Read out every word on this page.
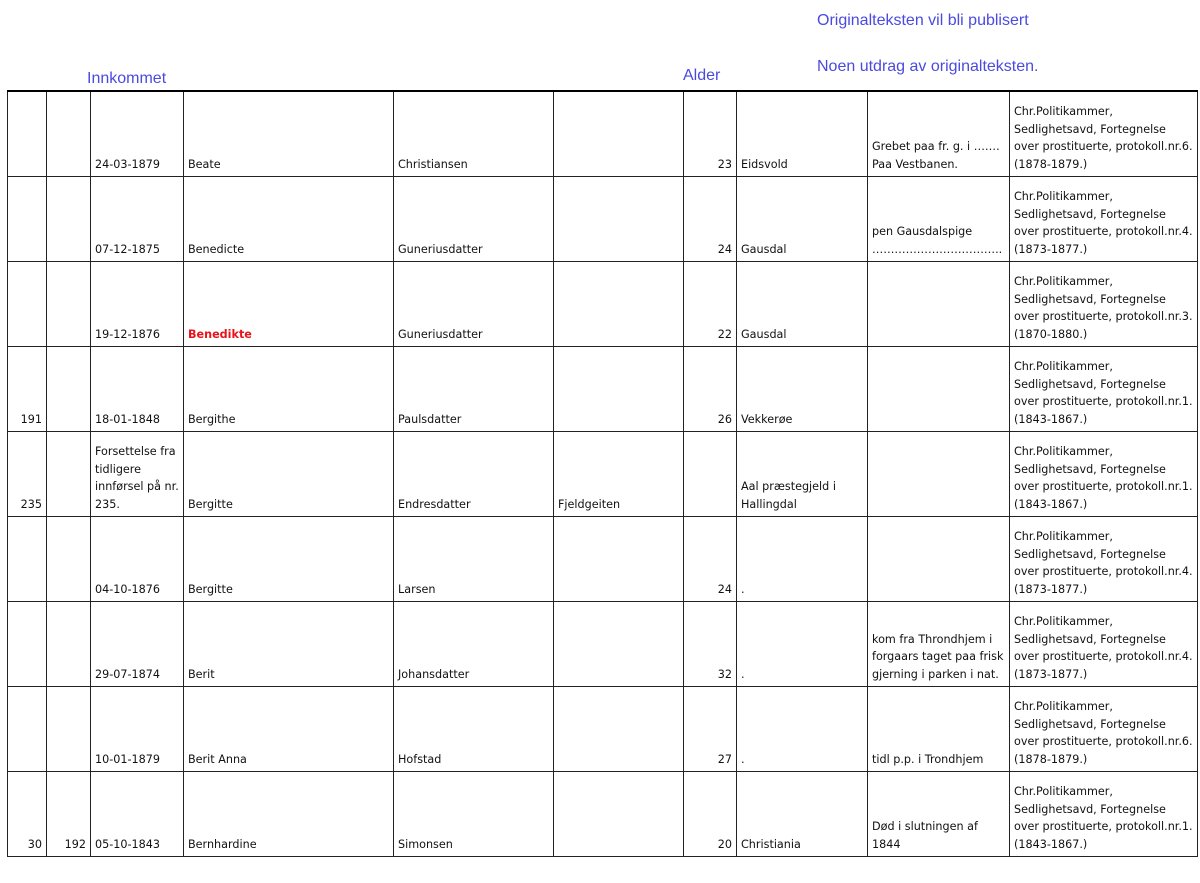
Innkommet	Alder
Originalteksten vil bli publisert
Noen utdrag av originalteksten.
		24-03-1879	Beate	Christiansen		23	Eidsvold	Grebet paa fr. g. i ……. Paa Vestbanen.	Chr.Politikammer, Sedlighetsavd, Fortegnelse over prostituerte, protokoll.nr.6.(1878-1879.)
		07-12-1875	Benedicte	Guneriusdatter		24	Gausdal	pen Gausdalspige ……………………………..	Chr.Politikammer, Sedlighetsavd, Fortegnelse over prostituerte, protokoll.nr.4.(1873-1877.)
		19-12-1876	Benedikte	Guneriusdatter		22	Gausdal		Chr.Politikammer, Sedlighetsavd, Fortegnelse over prostituerte, protokoll.nr.3.(1870-1880.)
191		18-01-1848	Bergithe	Paulsdatter		26	Vekkerøe		Chr.Politikammer, Sedlighetsavd, Fortegnelse over prostituerte, protokoll.nr.1.(1843-1867.)
235		Forsettelse fra tidligere innførsel på nr. 235.	Bergitte	Endresdatter	Fjeldgeiten		Aal præstegjeld i Hallingdal		Chr.Politikammer, Sedlighetsavd, Fortegnelse over prostituerte, protokoll.nr.1.(1843-1867.)
		04-10-1876	Bergitte	Larsen		24	.		Chr.Politikammer, Sedlighetsavd, Fortegnelse over prostituerte, protokoll.nr.4.(1873-1877.)
		29-07-1874	Berit	Johansdatter		32	.	kom fra Throndhjem i forgaars taget paa frisk gjerning i parken i nat.	Chr.Politikammer, Sedlighetsavd, Fortegnelse over prostituerte, protokoll.nr.4.(1873-1877.)
		10-01-1879	Berit Anna	Hofstad		27	.	tidl p.p. i Trondhjem	Chr.Politikammer, Sedlighetsavd, Fortegnelse over prostituerte, protokoll.nr.6.(1878-1879.)
30	192	05-10-1843	Bernhardine	Simonsen		20	Christiania	Død i slutningen af 1844	Chr.Politikammer, Sedlighetsavd, Fortegnelse over prostituerte, protokoll.nr.1.(1843-1867.)
